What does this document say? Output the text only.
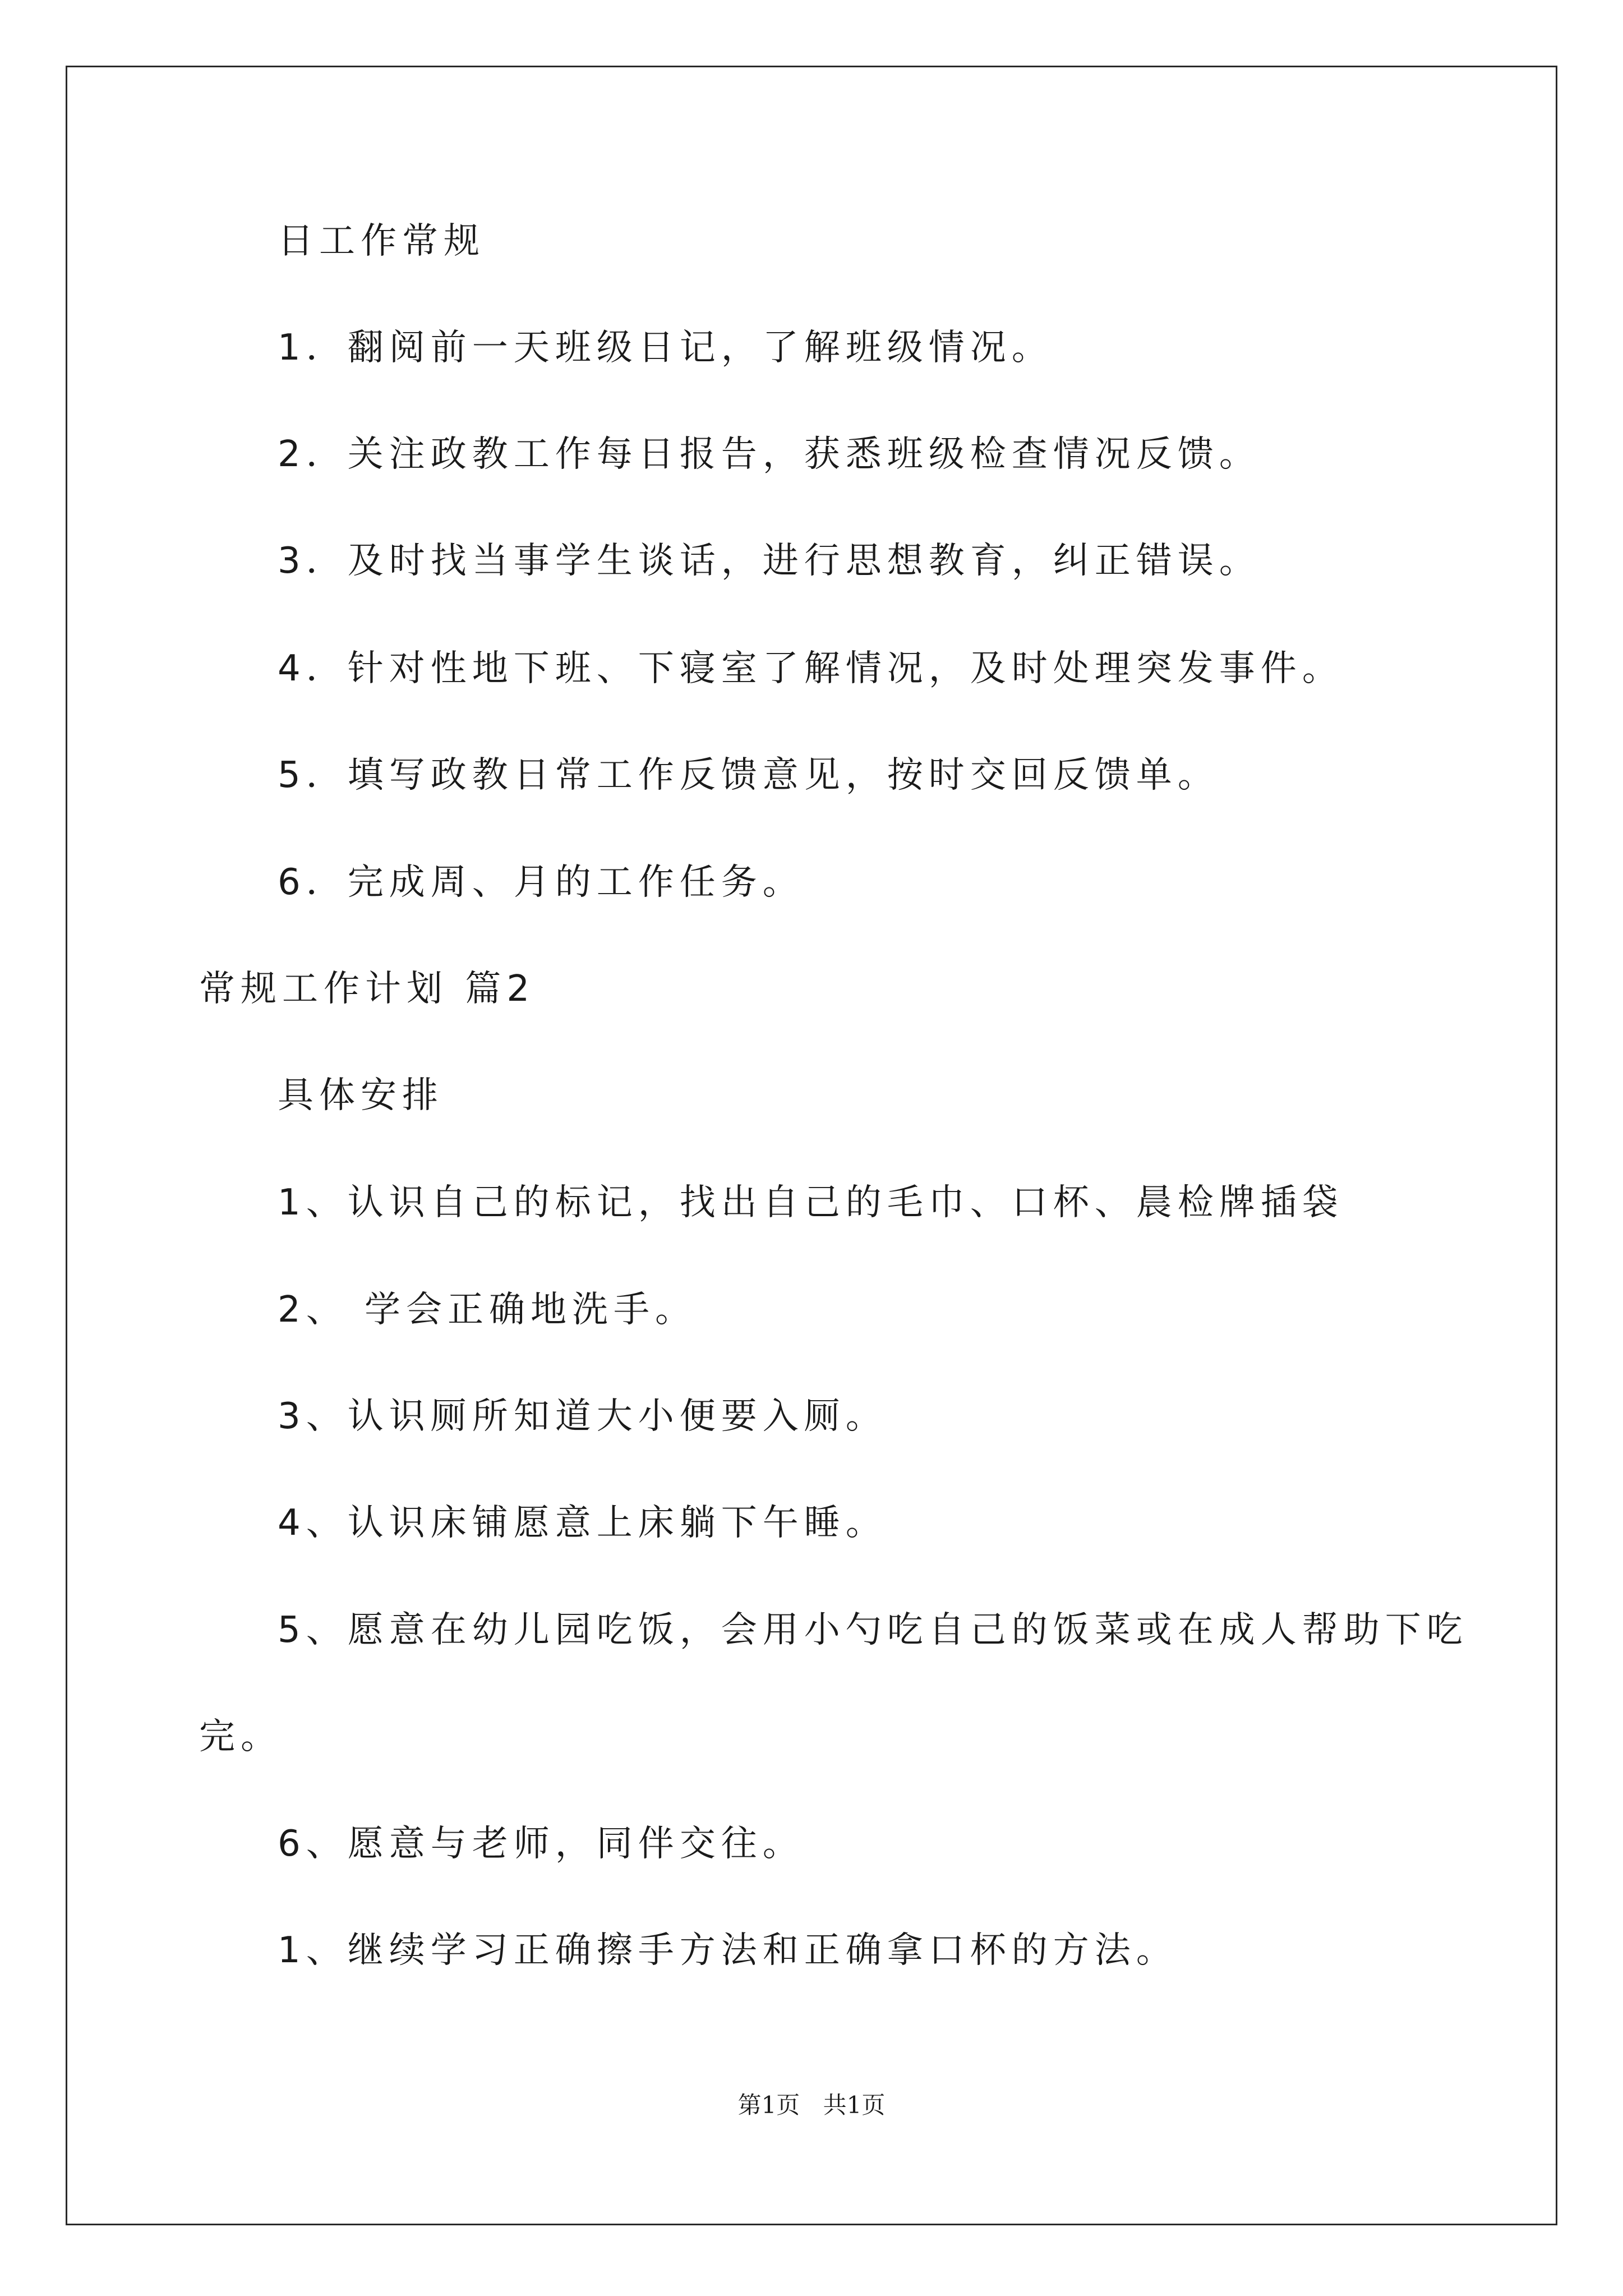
日工作常规
1．翻阅前一天班级日记，了解班级情况。
2．关注政教工作每日报告，获悉班级检查情况反馈。
3．及时找当事学生谈话，进行思想教育，纠正错误。
4．针对性地下班、下寝室了解情况，及时处理突发事件。
5．填写政教日常工作反馈意见，按时交回反馈单。
6．完成周、月的工作任务。
常规工作计划 篇2
具体安排
1、认识自己的标记，找出自己的毛巾、口杯、晨检牌插袋
2、 学会正确地洗手。
3、认识厕所知道大小便要入厕。
4、认识床铺愿意上床躺下午睡。
5、愿意在幼儿园吃饭，会用小勺吃自己的饭菜或在成人帮助下吃
完。
6、愿意与老师，同伴交往。
1、继续学习正确擦手方法和正确拿口杯的方法。
第1页 共1页
